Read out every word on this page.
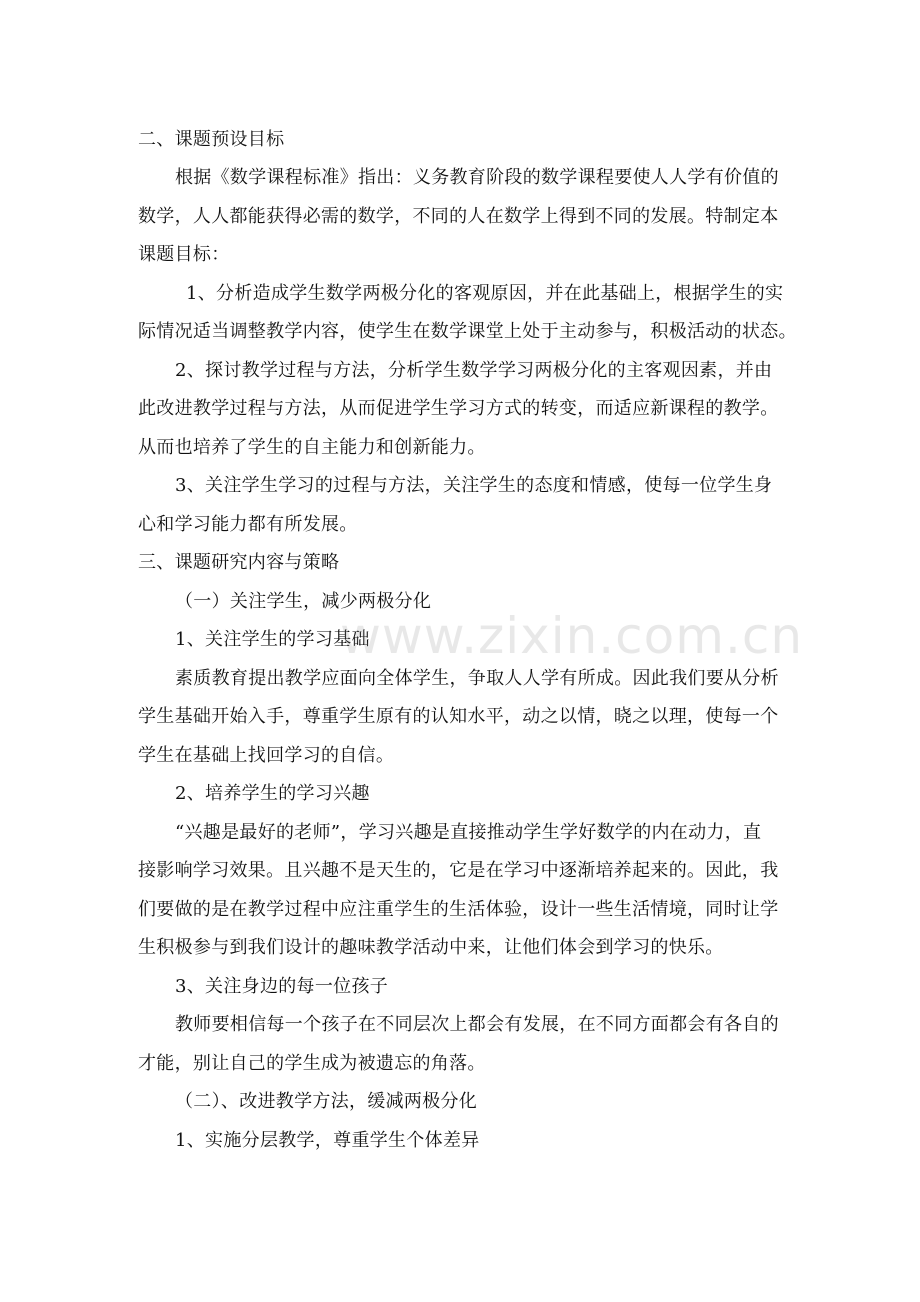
二、课题预设目标
根据《数学课程标准》指出：义务教育阶段的数学课程要使人人学有价值的
数学，人人都能获得必需的数学，不同的人在数学上得到不同的发展。特制定本
课题目标：
1、分析造成学生数学两极分化的客观原因，并在此基础上，根据学生的实
际情况适当调整教学内容，使学生在数学课堂上处于主动参与，积极活动的状态。
2、探讨教学过程与方法，分析学生数学学习两极分化的主客观因素，并由
此改进教学过程与方法，从而促进学生学习方式的转变，而适应新课程的教学。
从而也培养了学生的自主能力和创新能力。
3、关注学生学习的过程与方法，关注学生的态度和情感，使每一位学生身
心和学习能力都有所发展。
三、课题研究内容与策略
（一）关注学生，减少两极分化
1、关注学生的学习基础
素质教育提出教学应面向全体学生，争取人人学有所成。因此我们要从分析
学生基础开始入手，尊重学生原有的认知水平，动之以情，晓之以理，使每一个
学生在基础上找回学习的自信。
2、培养学生的学习兴趣
“兴趣是最好的老师”，学习兴趣是直接推动学生学好数学的内在动力，直
接影响学习效果。且兴趣不是天生的，它是在学习中逐渐培养起来的。因此，我
们要做的是在教学过程中应注重学生的生活体验，设计一些生活情境，同时让学
生积极参与到我们设计的趣味教学活动中来，让他们体会到学习的快乐。
3、关注身边的每一位孩子
教师要相信每一个孩子在不同层次上都会有发展，在不同方面都会有各自的
才能，别让自己的学生成为被遗忘的角落。
（二）、改进教学方法，缓减两极分化
1、实施分层教学，尊重学生个体差异
www.zixin.com.cn
